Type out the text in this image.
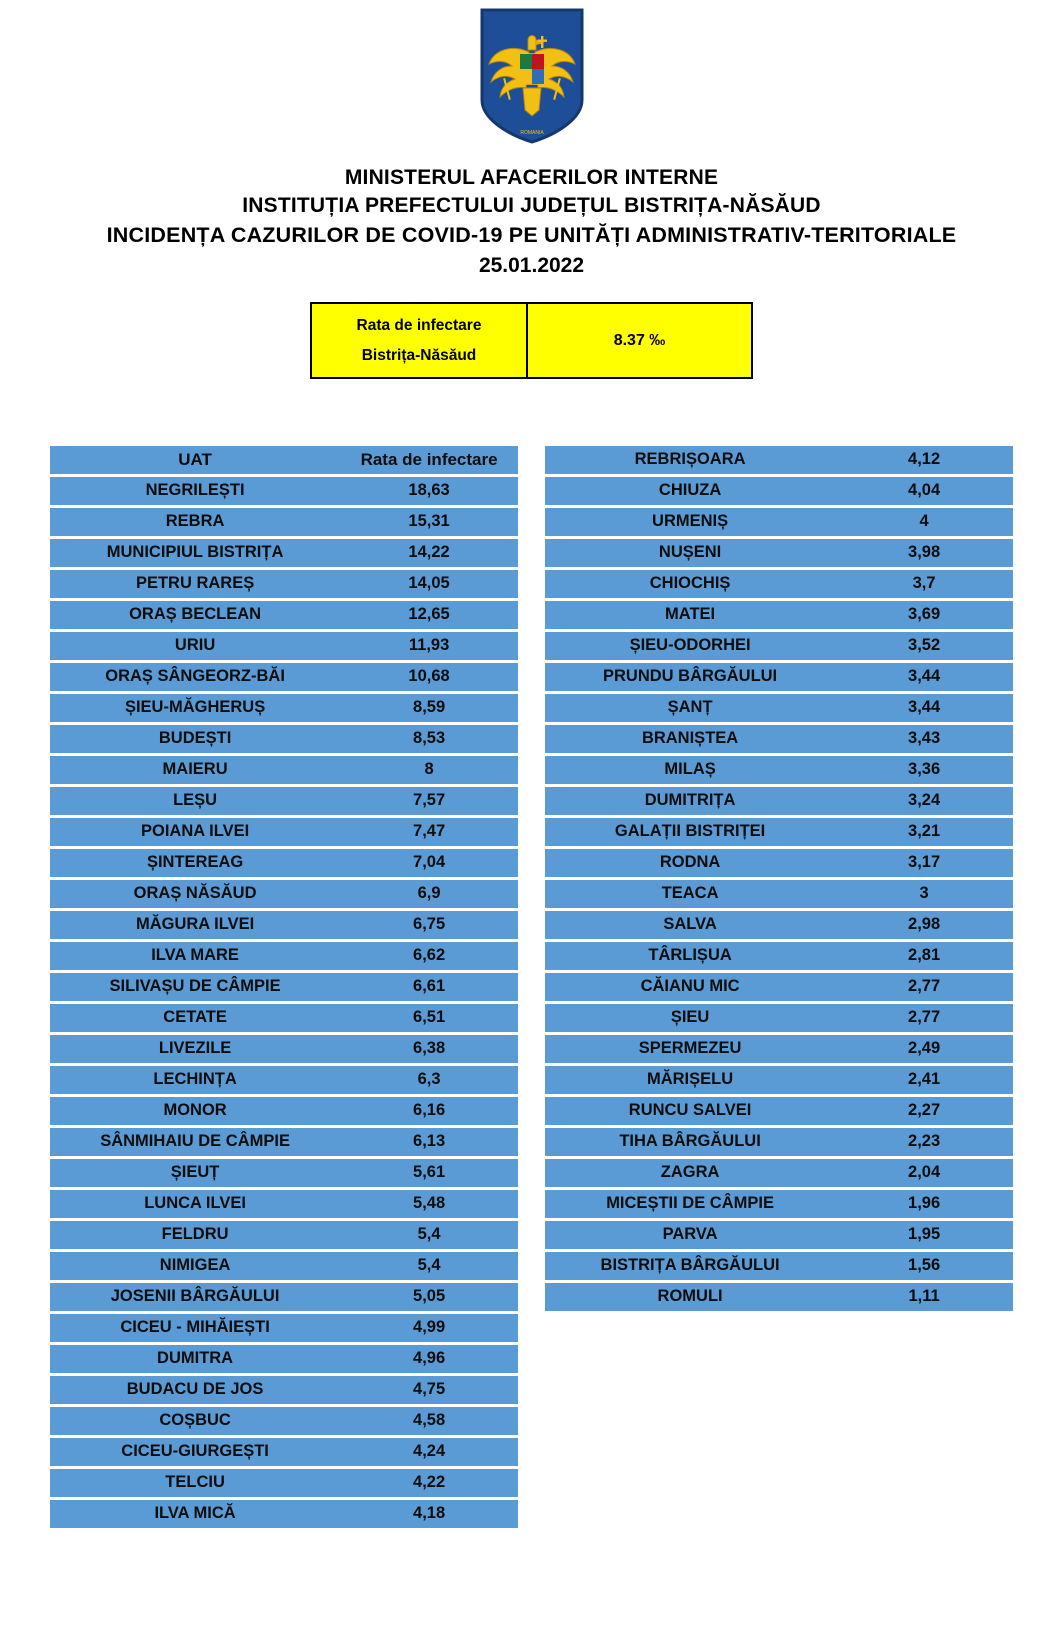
ROMANIA
MINISTERUL AFACERILOR INTERNE
INSTITUȚIA PREFECTULUI JUDEȚUL BISTRIȚA-NĂSĂUD
INCIDENȚA CAZURILOR DE COVID-19 PE UNITĂȚI ADMINISTRATIV-TERITORIALE
25.01.2022
Rata de infectare
Bistrița-Năsăud
8.37 ‰
UAT	Rata de infectare
NEGRILEȘTI	18,63
REBRA	15,31
MUNICIPIUL BISTRIȚA	14,22
PETRU RAREȘ	14,05
ORAȘ BECLEAN	12,65
URIU	11,93
ORAȘ SÂNGEORZ-BĂI	10,68
ȘIEU-MĂGHERUȘ	8,59
BUDEȘTI	8,53
MAIERU	8
LEȘU	7,57
POIANA ILVEI	7,47
ȘINTEREAG	7,04
ORAȘ NĂSĂUD	6,9
MĂGURA ILVEI	6,75
ILVA MARE	6,62
SILIVAȘU DE CÂMPIE	6,61
CETATE	6,51
LIVEZILE	6,38
LECHINȚA	6,3
MONOR	6,16
SÂNMIHAIU DE CÂMPIE	6,13
ȘIEUȚ	5,61
LUNCA ILVEI	5,48
FELDRU	5,4
NIMIGEA	5,4
JOSENII BÂRGĂULUI	5,05
CICEU - MIHĂIEȘTI	4,99
DUMITRA	4,96
BUDACU DE JOS	4,75
COȘBUC	4,58
CICEU-GIURGEȘTI	4,24
TELCIU	4,22
ILVA MICĂ	4,18
REBRIȘOARA	4,12
CHIUZA	4,04
URMENIȘ	4
NUȘENI	3,98
CHIOCHIȘ	3,7
MATEI	3,69
ȘIEU-ODORHEI	3,52
PRUNDU BÂRGĂULUI	3,44
ȘANȚ	3,44
BRANIȘTEA	3,43
MILAȘ	3,36
DUMITRIȚA	3,24
GALAȚII BISTRIȚEI	3,21
RODNA	3,17
TEACA	3
SALVA	2,98
TÂRLIȘUA	2,81
CĂIANU MIC	2,77
ȘIEU	2,77
SPERMEZEU	2,49
MĂRIȘELU	2,41
RUNCU SALVEI	2,27
TIHA BÂRGĂULUI	2,23
ZAGRA	2,04
MICEȘTII DE CÂMPIE	1,96
PARVA	1,95
BISTRIȚA BÂRGĂULUI	1,56
ROMULI	1,11
